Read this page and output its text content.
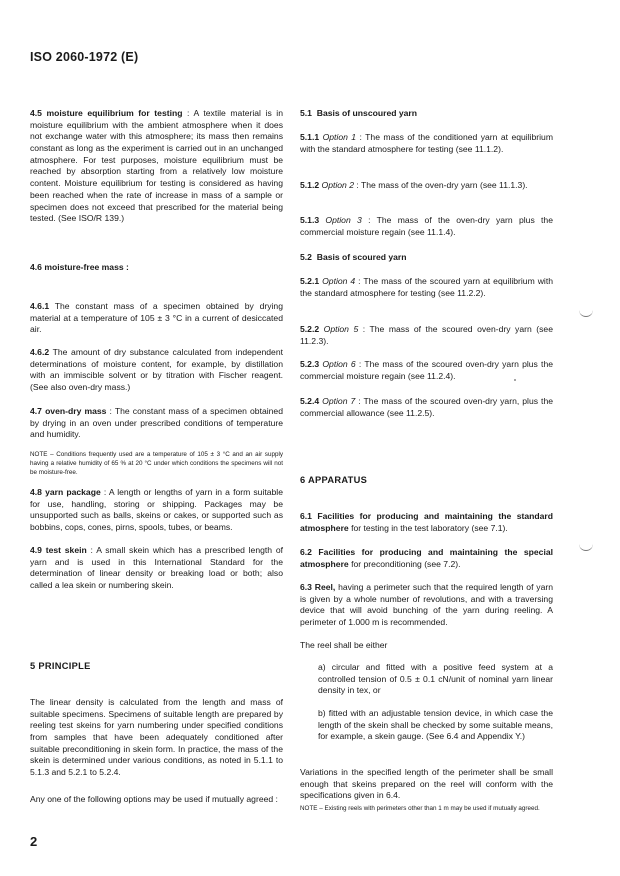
ISO 2060-1972 (E)
4.5 moisture equilibrium for testing : A textile material is in moisture equilibrium with the ambient atmosphere when it does not exchange water with this atmosphere; its mass then remains constant as long as the experiment is carried out in an unchanged atmosphere. For test purposes, moisture equilibrium must be reached by absorption starting from a relatively low moisture content. Moisture equilibrium for testing is considered as having been reached when the rate of increase in mass of a sample or specimen does not exceed that prescribed for the material being tested. (See ISO/R 139.)
4.6 moisture-free mass :
4.6.1 The constant mass of a specimen obtained by drying material at a temperature of 105 ± 3 °C in a current of desiccated air.
4.6.2 The amount of dry substance calculated from independent determinations of moisture content, for example, by distillation with an immiscible solvent or by titration with Fischer reagent. (See also oven-dry mass.)
4.7 oven-dry mass : The constant mass of a specimen obtained by drying in an oven under prescribed conditions of temperature and humidity.
NOTE – Conditions frequently used are a temperature of 105 ± 3 °C and an air supply having a relative humidity of 65 % at 20 °C under which conditions the specimens will not be moisture-free.
4.8 yarn package : A length or lengths of yarn in a form suitable for use, handling, storing or shipping. Packages may be unsupported such as balls, skeins or cakes, or supported such as bobbins, cops, cones, pirns, spools, tubes, or beams.
4.9 test skein : A small skein which has a prescribed length of yarn and is used in this International Standard for the determination of linear density or breaking load or both; also called a lea skein or numbering skein.
5 PRINCIPLE
The linear density is calculated from the length and mass of suitable specimens. Specimens of suitable length are prepared by reeling test skeins for yarn numbering under specified conditions from samples that have been adequately conditioned after suitable preconditioning in skein form. In practice, the mass of the skein is determined under various conditions, as noted in 5.1.1 to 5.1.3 and 5.2.1 to 5.2.4.
Any one of the following options may be used if mutually agreed :
5.1 Basis of unscoured yarn
5.1.1 Option 1 : The mass of the conditioned yarn at equilibrium with the standard atmosphere for testing (see 11.1.2).
5.1.2 Option 2 : The mass of the oven-dry yarn (see 11.1.3).
5.1.3 Option 3 : The mass of the oven-dry yarn plus the commercial moisture regain (see 11.1.4).
5.2 Basis of scoured yarn
5.2.1 Option 4 : The mass of the scoured yarn at equilibrium with the standard atmosphere for testing (see 11.2.2).
5.2.2 Option 5 : The mass of the scoured oven-dry yarn (see 11.2.3).
5.2.3 Option 6 : The mass of the scoured oven-dry yarn plus the commercial moisture regain (see 11.2.4).
5.2.4 Option 7 : The mass of the scoured oven-dry yarn, plus the commercial allowance (see 11.2.5).
6 APPARATUS
6.1 Facilities for producing and maintaining the standard atmosphere for testing in the test laboratory (see 7.1).
6.2 Facilities for producing and maintaining the special atmosphere for preconditioning (see 7.2).
6.3 Reel, having a perimeter such that the required length of yarn is given by a whole number of revolutions, and with a traversing device that will avoid bunching of the yarn during reeling. A perimeter of 1.000 m is recommended.
The reel shall be either
a) circular and fitted with a positive feed system at a controlled tension of 0.5 ± 0.1 cN/unit of nominal yarn linear density in tex, or
b) fitted with an adjustable tension device, in which case the length of the skein shall be checked by some suitable means, for example, a skein gauge. (See 6.4 and Appendix Y.)
Variations in the specified length of the perimeter shall be small enough that skeins prepared on the reel will conform with the specifications given in 6.4.
NOTE – Existing reels with perimeters other than 1 m may be used if mutually agreed.
2
